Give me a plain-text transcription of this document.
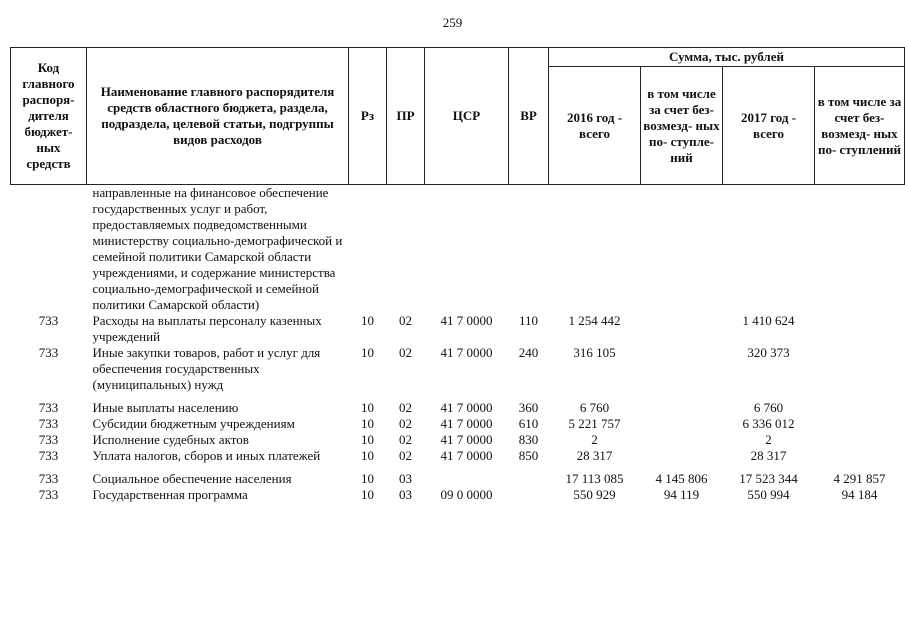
259
Код главного распоря- дителя бюджет- ных средств	Наименование главного распорядителя средств областного бюджета, раздела, подраздела, целевой статьи, подгруппы видов расходов	Рз	ПР	ЦСР	ВР	Сумма, тыс. рублей			
						2016 год - всего	в том числе за счет без- возмезд- ных по- ступле- ний	2017 год - всего	в том числе за счет без- возмезд- ных по- ступлений
	направленные на финансовое обеспечение государственных услуг и работ, предоставляемых подведомственными министерству социально-демографической и семейной политики Самарской области учреждениями, и содержание министерства социально-демографической и семейной политики Самарской области)								
733	Расходы на выплаты персоналу казенных учреждений	10	02	41 7 0000	110	1 254 442		1 410 624	
733	Иные закупки товаров, работ и услуг для обеспечения государственных (муниципальных) нужд	10	02	41 7 0000	240	316 105		320 373	
733	Иные выплаты населению	10	02	41 7 0000	360	6 760		6 760	
733	Субсидии бюджетным учреждениям	10	02	41 7 0000	610	5 221 757		6 336 012	
733	Исполнение судебных актов	10	02	41 7 0000	830	2		2	
733	Уплата налогов, сборов и иных платежей	10	02	41 7 0000	850	28 317		28 317	
733	Социальное обеспечение населения	10	03			17 113 085	4 145 806	17 523 344	4 291 857
733	Государственная программа	10	03	09 0 0000		550 929	94 119	550 994	94 184
